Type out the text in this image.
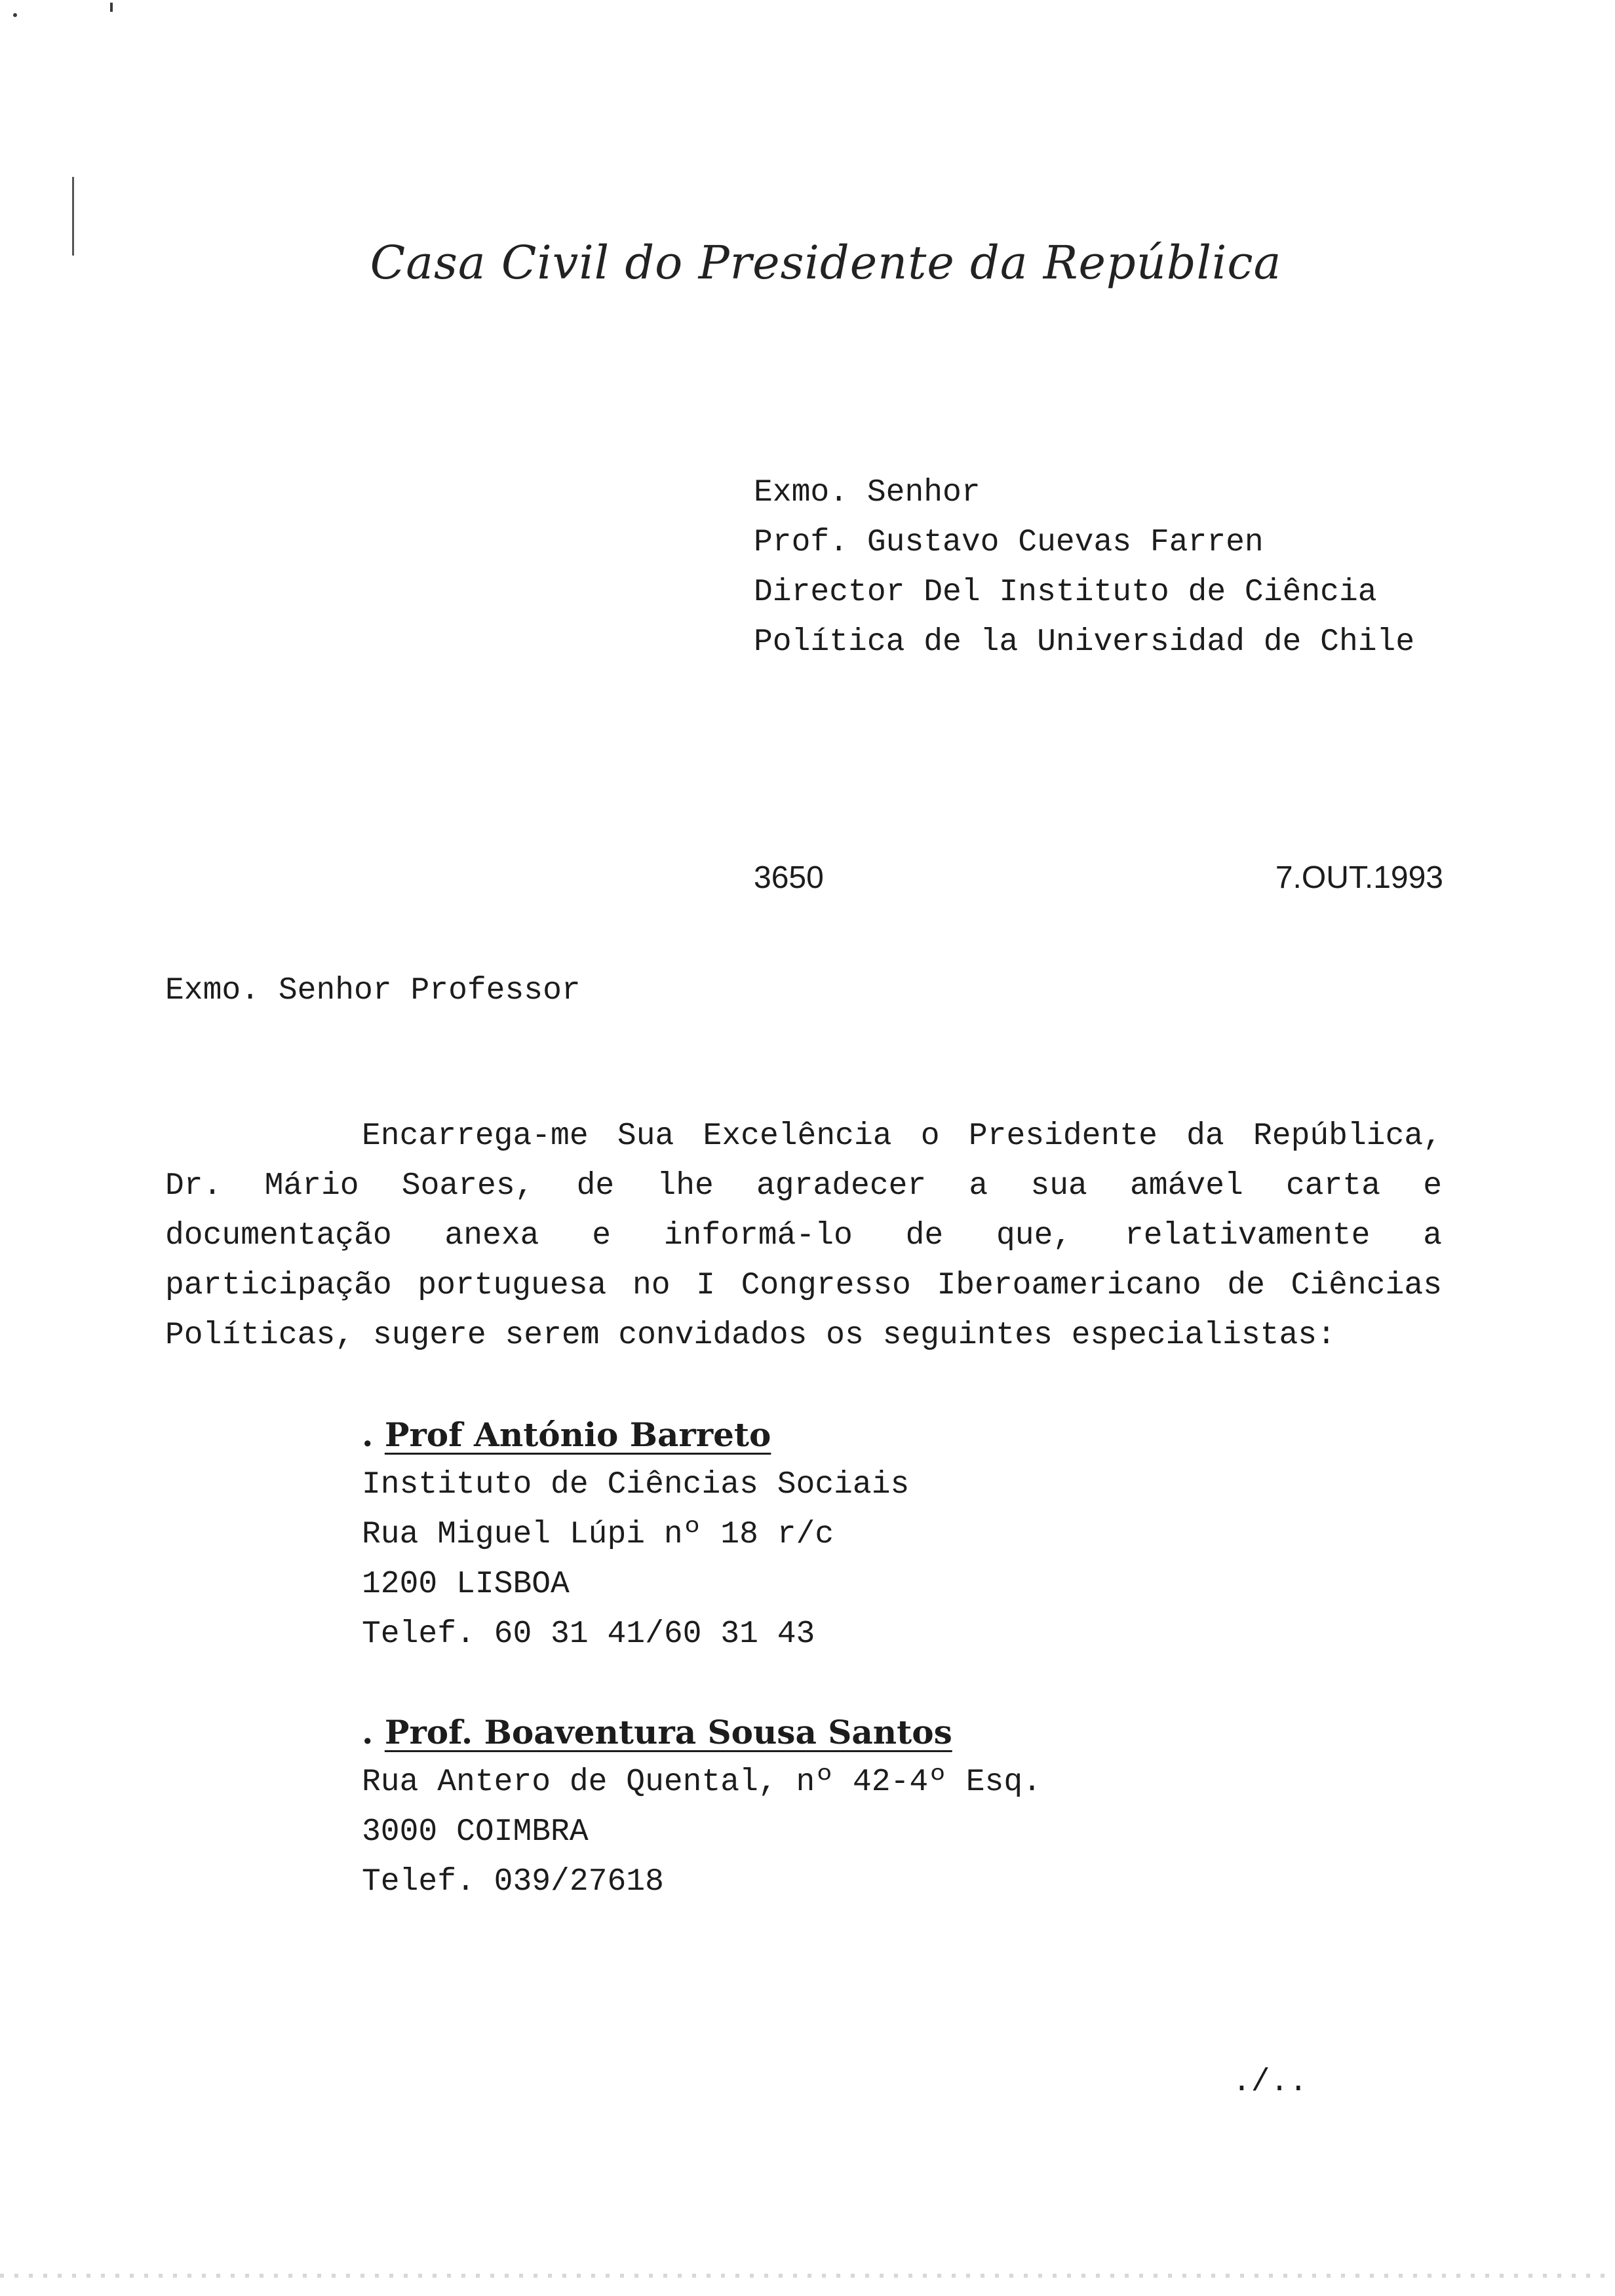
Casa Civil do Presidente da República
Exmo. Senhor
Prof. Gustavo Cuevas Farren
Director Del Instituto de Ciência
Política de la Universidad de Chile
3650	7.OUT.1993
Exmo. Senhor Professor
Encarrega-me Sua Excelência o Presidente da República, Dr. Mário Soares, de lhe agradecer a sua amável carta e documentação anexa e informá-lo de que, relativamente a participação portuguesa no I Congresso Iberoamericano de Ciências Políticas, sugere serem convidados os seguintes especialistas:
. Prof António Barreto
Instituto de Ciências Sociais
Rua Miguel Lúpi nº 18 r/c
1200 LISBOA
Telef. 60 31 41/60 31 43
. Prof. Boaventura Sousa Santos
Rua Antero de Quental, nº 42-4º Esq.
3000 COIMBRA
Telef. 039/27618
./..
